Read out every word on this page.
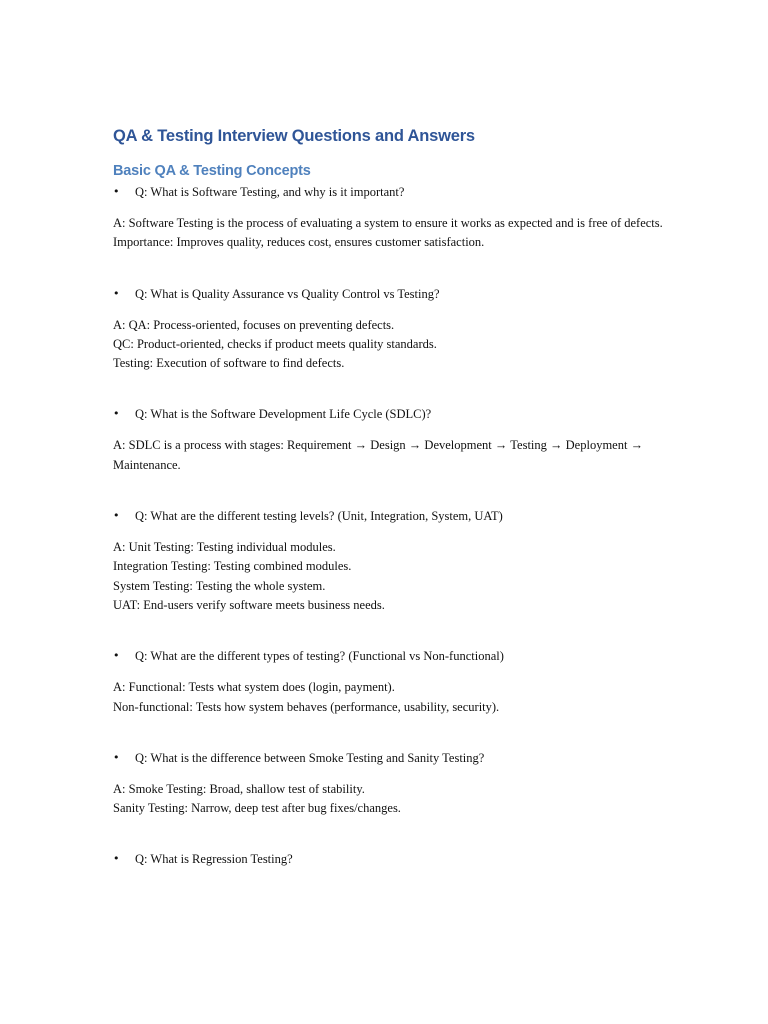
QA & Testing Interview Questions and Answers
Basic QA & Testing Concepts

• Q: What is Software Testing, and why is it important?

A: Software Testing is the process of evaluating a system to ensure it works as expected and is free of defects.
Importance: Improves quality, reduces cost, ensures customer satisfaction.

• Q: What is Quality Assurance vs Quality Control vs Testing?

A: QA: Process-oriented, focuses on preventing defects.
QC: Product-oriented, checks if product meets quality standards.
Testing: Execution of software to find defects.

• Q: What is the Software Development Life Cycle (SDLC)?

A: SDLC is a process with stages: Requirement → Design → Development → Testing → Deployment → Maintenance.

• Q: What are the different testing levels? (Unit, Integration, System, UAT)

A: Unit Testing: Testing individual modules.
Integration Testing: Testing combined modules.
System Testing: Testing the whole system.
UAT: End-users verify software meets business needs.

• Q: What are the different types of testing? (Functional vs Non-functional)

A: Functional: Tests what system does (login, payment).
Non-functional: Tests how system behaves (performance, usability, security).

• Q: What is the difference between Smoke Testing and Sanity Testing?

A: Smoke Testing: Broad, shallow test of stability.
Sanity Testing: Narrow, deep test after bug fixes/changes.

• Q: What is Regression Testing?
